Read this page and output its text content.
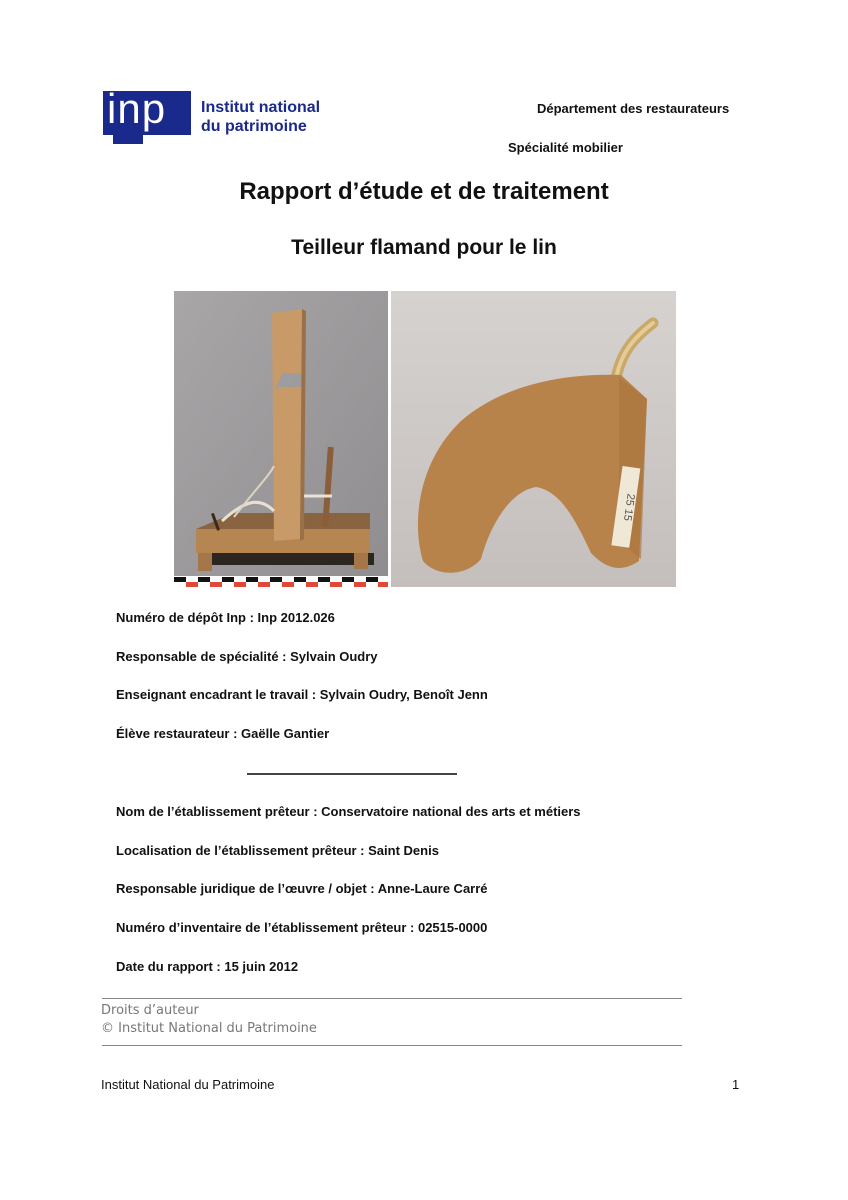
inp Institut national
du patrimoine
Département des restaurateurs
Spécialité mobilier
Rapport d’étude et de traitement
Teilleur flamand pour le lin
25 15
Numéro de dépôt Inp : Inp 2012.026
Responsable de spécialité : Sylvain Oudry
Enseignant encadrant le travail : Sylvain Oudry, Benoît Jenn
Élève restaurateur : Gaëlle Gantier
Nom de l’établissement prêteur : Conservatoire national des arts et métiers
Localisation de l’établissement prêteur : Saint Denis
Responsable juridique de l’œuvre / objet : Anne-Laure Carré
Numéro d’inventaire de l’établissement prêteur : 02515-0000
Date du rapport : 15 juin 2012
Droits d’auteur
© Institut National du Patrimoine
Institut National du Patrimoine	1
